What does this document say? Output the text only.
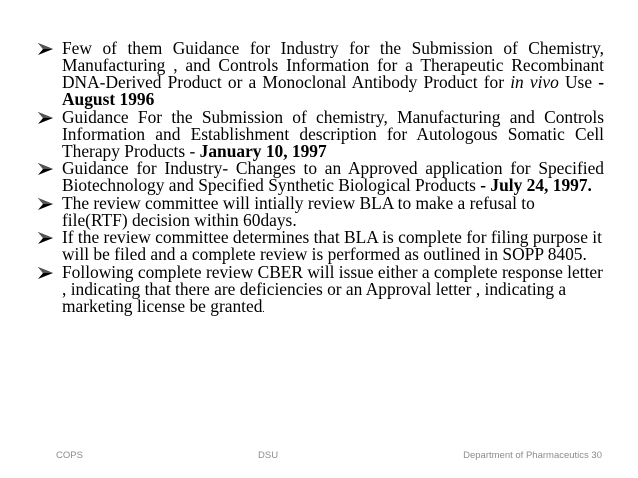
Few of them Guidance for Industry for the Submission of Chemistry, Manufacturing , and Controls Information for a Therapeutic Recombinant DNA-Derived Product or a Monoclonal Antibody Product for in vivo Use - August 1996
Guidance For the Submission of chemistry, Manufacturing and Controls Information and Establishment description for Autologous Somatic Cell Therapy Products - January 10, 1997
Guidance for Industry- Changes to an Approved application for Specified Biotechnology and Specified Synthetic Biological Products - July 24, 1997.
The review committee will intially review BLA to make a refusal to file(RTF) decision within 60days.
If the review committee determines that BLA is complete for filing purpose it will be filed and a complete review is performed as outlined in SOPP 8405.
Following complete review CBER will issue either a complete response letter , indicating that there are deficiencies or an Approval letter , indicating a marketing license be granted.
COPS	DSU	Department of Pharmaceutics 30
